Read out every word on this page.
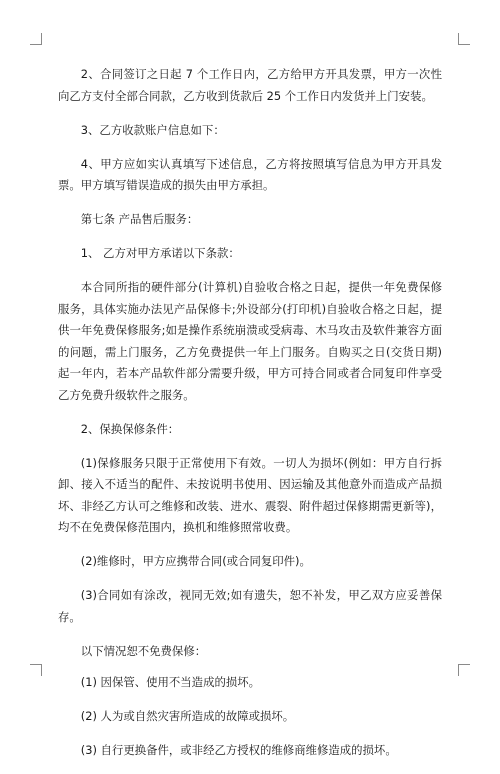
2、合同签订之日起 7 个工作日内，乙方给甲方开具发票，甲方一次性向乙方支付全部合同款，乙方收到货款后 25 个工作日内发货并上门安装。

3、乙方收款账户信息如下：

4、甲方应如实认真填写下述信息，乙方将按照填写信息为甲方开具发票。甲方填写错误造成的损失由甲方承担。

第七条 产品售后服务：

1、 乙方对甲方承诺以下条款：

本合同所指的硬件部分(计算机)自验收合格之日起，提供一年免费保修服务，具体实施办法见产品保修卡;外设部分(打印机)自验收合格之日起，提供一年免费保修服务;如是操作系统崩溃或受病毒、木马攻击及软件兼容方面的问题，需上门服务，乙方免费提供一年上门服务。自购买之日(交货日期)起一年内，若本产品软件部分需要升级，甲方可持合同或者合同复印件享受乙方免费升级软件之服务。

2、保换保修条件：

(1)保修服务只限于正常使用下有效。一切人为损坏(例如：甲方自行拆卸、接入不适当的配件、未按说明书使用、因运输及其他意外而造成产品损坏、非经乙方认可之维修和改装、进水、震裂、附件超过保修期需更新等)，均不在免费保修范围内，换机和维修照常收费。

(2)维修时，甲方应携带合同(或合同复印件)。

(3)合同如有涂改，视同无效;如有遗失，恕不补发，甲乙双方应妥善保存。

以下情况恕不免费保修：

(1) 因保管、使用不当造成的损坏。

(2) 人为或自然灾害所造成的故障或损坏。

(3) 自行更换备件，或非经乙方授权的维修商维修造成的损坏。
